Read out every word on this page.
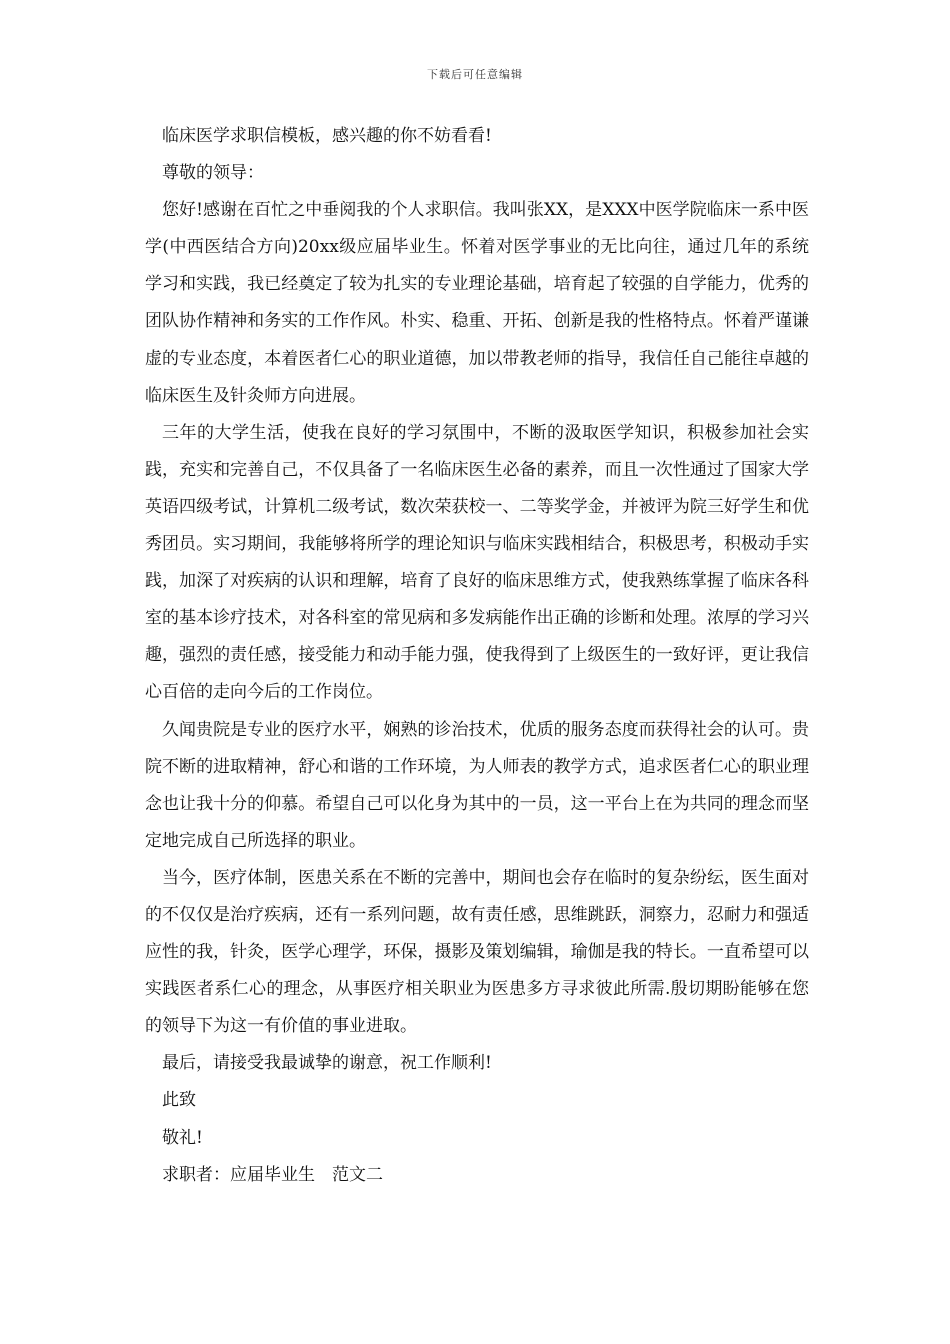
下载后可任意编辑

临床医学求职信模板，感兴趣的你不妨看看!

尊敬的领导：

您好!感谢在百忙之中垂阅我的个人求职信。我叫张XX，是XXX中医学院临床一系中医学(中西医结合方向)20xx级应届毕业生。怀着对医学事业的无比向往，通过几年的系统学习和实践，我已经奠定了较为扎实的专业理论基础，培育起了较强的自学能力，优秀的团队协作精神和务实的工作作风。朴实、稳重、开拓、创新是我的性格特点。怀着严谨谦虚的专业态度，本着医者仁心的职业道德，加以带教老师的指导，我信任自己能往卓越的临床医生及针灸师方向进展。

三年的大学生活，使我在良好的学习氛围中，不断的汲取医学知识，积极参加社会实践，充实和完善自己，不仅具备了一名临床医生必备的素养，而且一次性通过了国家大学英语四级考试，计算机二级考试，数次荣获校一、二等奖学金，并被评为院三好学生和优秀团员。实习期间，我能够将所学的理论知识与临床实践相结合，积极思考，积极动手实践，加深了对疾病的认识和理解，培育了良好的临床思维方式，使我熟练掌握了临床各科室的基本诊疗技术，对各科室的常见病和多发病能作出正确的诊断和处理。浓厚的学习兴趣，强烈的责任感，接受能力和动手能力强，使我得到了上级医生的一致好评，更让我信心百倍的走向今后的工作岗位。

久闻贵院是专业的医疗水平，娴熟的诊治技术，优质的服务态度而获得社会的认可。贵院不断的进取精神，舒心和谐的工作环境，为人师表的教学方式，追求医者仁心的职业理念也让我十分的仰慕。希望自己可以化身为其中的一员，这一平台上在为共同的理念而坚定地完成自己所选择的职业。

当今，医疗体制，医患关系在不断的完善中，期间也会存在临时的复杂纷纭，医生面对的不仅仅是治疗疾病，还有一系列问题，故有责任感，思维跳跃，洞察力，忍耐力和强适应性的我，针灸，医学心理学，环保，摄影及策划编辑，瑜伽是我的特长。一直希望可以实践医者系仁心的理念，从事医疗相关职业为医患多方寻求彼此所需.殷切期盼能够在您的领导下为这一有价值的事业进取。

最后，请接受我最诚挚的谢意，祝工作顺利!

此致

敬礼!

求职者：应届毕业生　范文二
